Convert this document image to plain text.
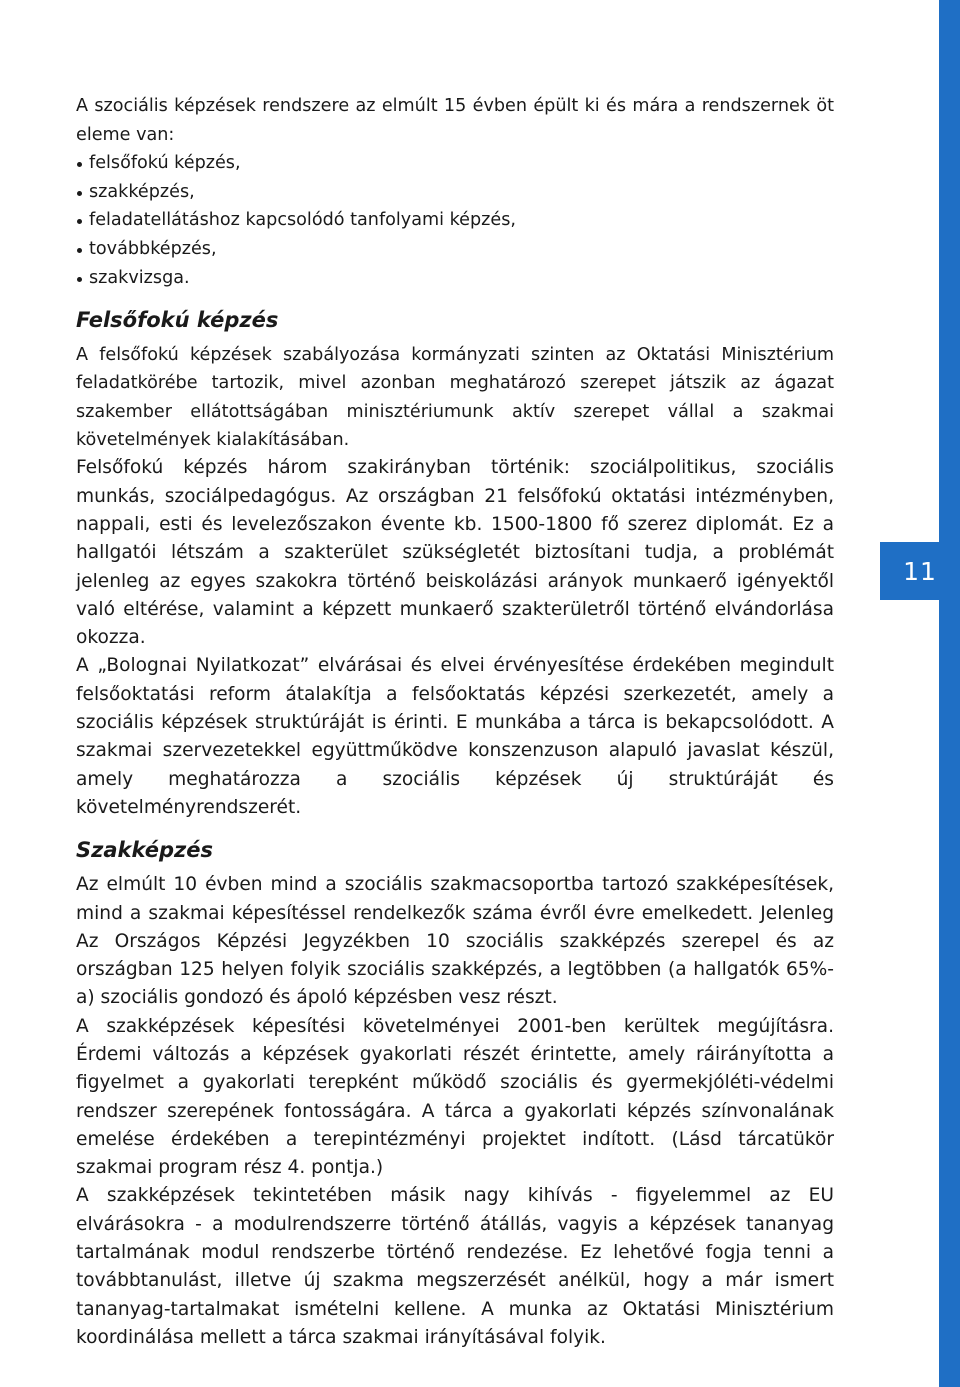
11

A szociális képzések rendszere az elmúlt 15 évben épült ki és mára a rendszernek öt eleme van:

felsőfokú képzés,
szakképzés,
feladatellátáshoz kapcsolódó tanfolyami képzés,
továbbképzés,
szakvizsga.
Felsőfokú képzés

A felsőfokú képzések szabályozása kormányzati szinten az Oktatási Minisztérium feladatkörébe tartozik, mivel azonban meghatározó szerepet játszik az ágazat szakember ellátottságában minisztériumunk aktív szerepet vállal a szakmai követelmények kialakításában.

Felsőfokú képzés három szakirányban történik: szociálpolitikus, szociális munkás, szociálpedagógus. Az országban 21 felsőfokú oktatási intézményben, nappali, esti és levelezőszakon évente kb. 1500-1800 fő szerez diplomát. Ez a hallgatói létszám a szakterület szükségletét biztosítani tudja, a problémát jelenleg az egyes szakokra történő beiskolázási arányok munkaerő igényektől való eltérése, valamint a képzett munkaerő szakterületről történő elvándorlása okozza.

A „Bolognai Nyilatkozat” elvárásai és elvei érvényesítése érdekében megindult felsőoktatási reform átalakítja a felsőoktatás képzési szerkezetét, amely a szociális képzések struktúráját is érinti. E munkába a tárca is bekapcsolódott. A szakmai szervezetekkel együttműködve konszenzuson alapuló javaslat készül, amely meghatározza a szociális képzések új struktúráját és követelményrendszerét.

Szakképzés

Az elmúlt 10 évben mind a szociális szakmacsoportba tartozó szakképesítések, mind a szakmai képesítéssel rendelkezők száma évről évre emelkedett. Jelenleg Az Országos Képzési Jegyzékben 10 szociális szakképzés szerepel és az országban 125 helyen folyik szociális szakképzés, a legtöbben (a hallgatók 65%-a) szociális gondozó és ápoló képzésben vesz részt.

A szakképzések képesítési követelményei 2001-ben kerültek megújításra. Érdemi változás a képzések gyakorlati részét érintette, amely ráirányította a figyelmet a gyakorlati terepként működő szociális és gyermekjóléti-védelmi rendszer szerepének fontosságára. A tárca a gyakorlati képzés színvonalának emelése érdekében a terepintézményi projektet indított. (Lásd tárcatükör szakmai program rész 4. pontja.)

A szakképzések tekintetében másik nagy kihívás - figyelemmel az EU elvárásokra - a modulrendszerre történő átállás, vagyis a képzések tananyag tartalmának modul rendszerbe történő rendezése. Ez lehetővé fogja tenni a továbbtanulást, illetve új szakma megszerzését anélkül, hogy a már ismert tananyag-tartalmakat ismételni kellene. A munka az Oktatási Minisztérium koordinálása mellett a tárca szakmai irányításával folyik.
